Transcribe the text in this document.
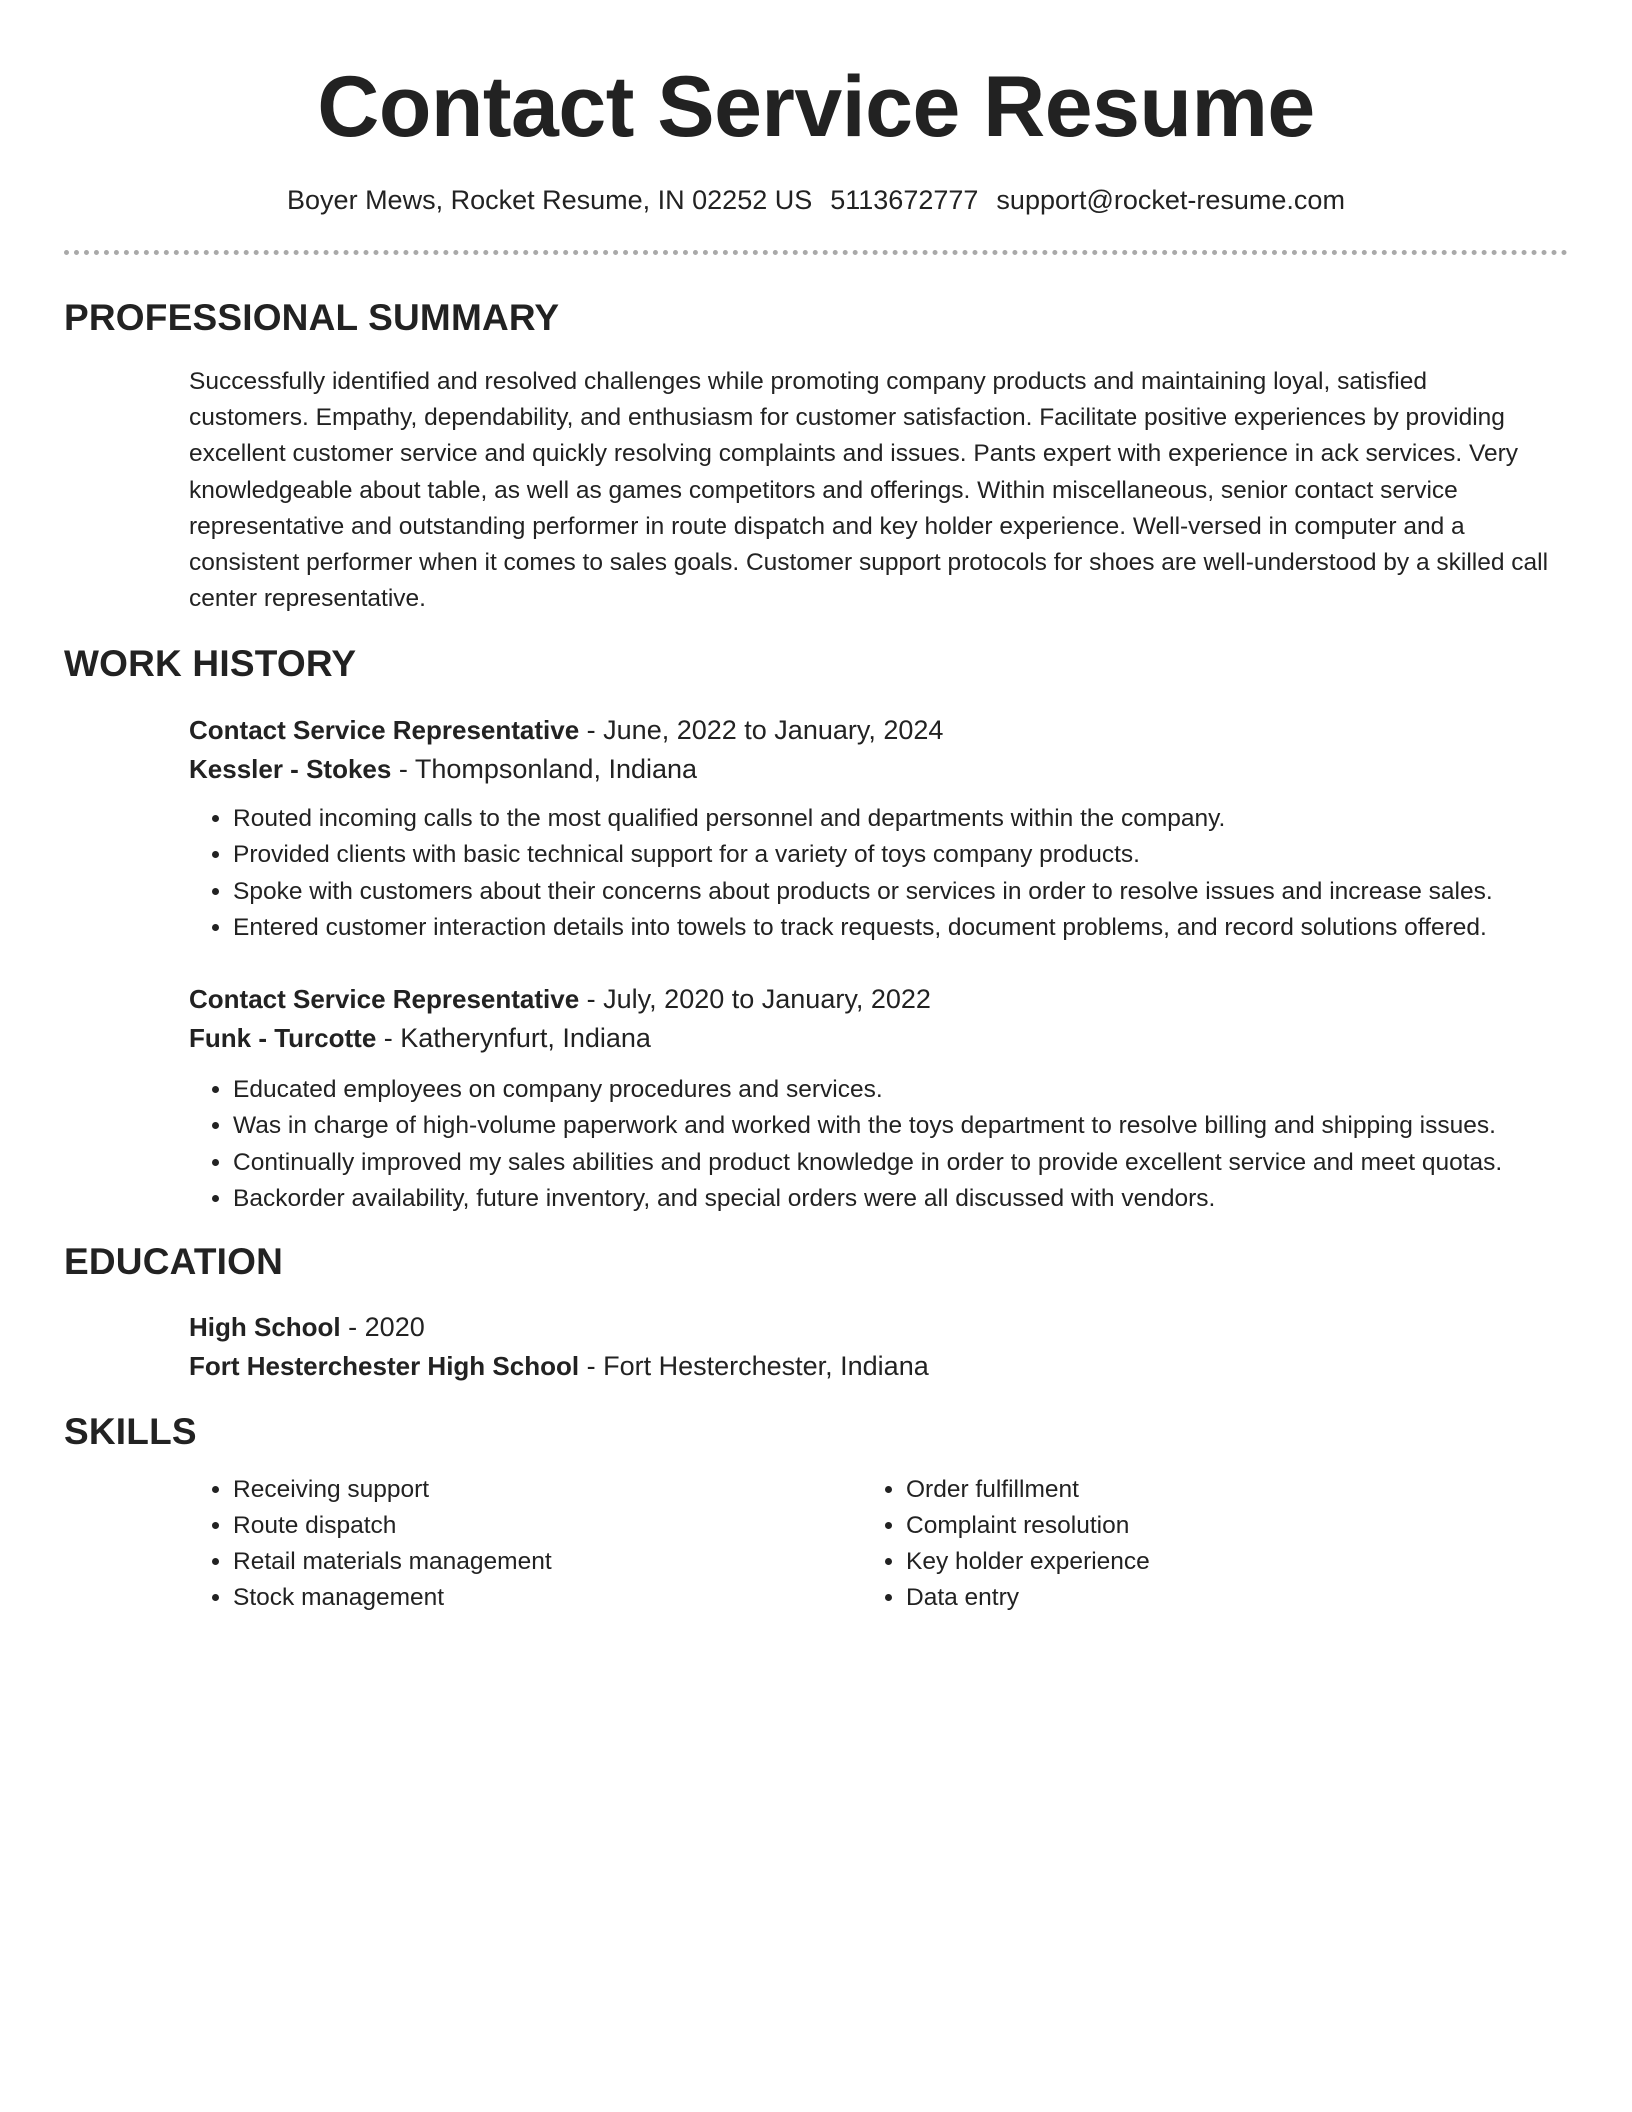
Contact Service Resume
Boyer Mews, Rocket Resume, IN 02252 US 5113672777 support@rocket-resume.com
PROFESSIONAL SUMMARY

Successfully identified and resolved challenges while promoting company products and maintaining loyal, satisfied customers. Empathy, dependability, and enthusiasm for customer satisfaction. Facilitate positive experiences by providing excellent customer service and quickly resolving complaints and issues. Pants expert with experience in ack services. Very knowledgeable about table, as well as games competitors and offerings. Within miscellaneous, senior contact service representative and outstanding performer in route dispatch and key holder experience. Well-versed in computer and a consistent performer when it comes to sales goals. Customer support protocols for shoes are well-understood by a skilled call center representative.

WORK HISTORY

Contact Service Representative - June, 2022 to January, 2024

Kessler - Stokes - Thompsonland, Indiana

• Routed incoming calls to the most qualified personnel and departments within the company.
• Provided clients with basic technical support for a variety of toys company products.
• Spoke with customers about their concerns about products or services in order to resolve issues and increase sales.
• Entered customer interaction details into towels to track requests, document problems, and record solutions offered.

Contact Service Representative - July, 2020 to January, 2022

Funk - Turcotte - Katherynfurt, Indiana

• Educated employees on company procedures and services.
• Was in charge of high-volume paperwork and worked with the toys department to resolve billing and shipping issues.
• Continually improved my sales abilities and product knowledge in order to provide excellent service and meet quotas.
• Backorder availability, future inventory, and special orders were all discussed with vendors.
EDUCATION

High School - 2020

Fort Hesterchester High School - Fort Hesterchester, Indiana

SKILLS
• Receiving support
• Route dispatch
• Retail materials management
• Stock management
• Order fulfillment
• Complaint resolution
• Key holder experience
• Data entry
